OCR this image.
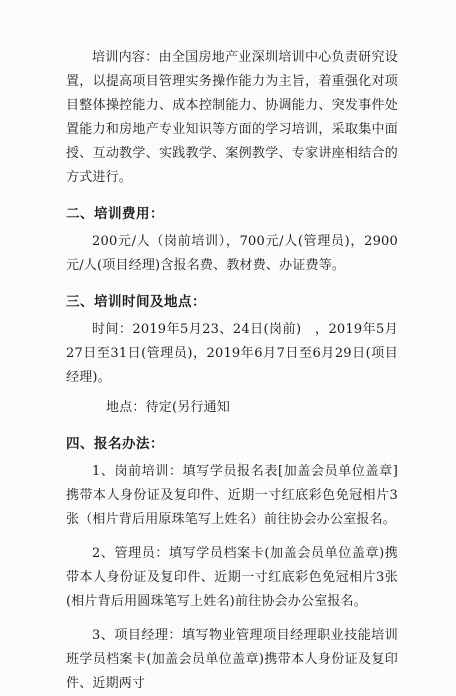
培训内容：由全国房地产业深圳培训中心负责研究设置，以提高项目管理实务操作能力为主旨，着重强化对项目整体操控能力、成本控制能力、协调能力、突发事件处置能力和房地产专业知识等方面的学习培训，采取集中面授、互动教学、实践教学、案例教学、专家讲座相结合的方式进行。

二、培训费用：

200元/人（岗前培训），700元/人(管理员)，2900元/人(项目经理)含报名费、教材费、办证费等。

三、培训时间及地点：

时间：2019年5月23、24日(岗前)　，2019年5月27日至31日(管理员)，2019年6月7日至6月29日(项目经理)。

地点：待定(另行通知

四、报名办法：

1、岗前培训：填写学员报名表[加盖会员单位盖章]携带本人身份证及复印件、近期一寸红底彩色免冠相片3张（相片背后用原珠笔写上姓名）前往协会办公室报名。

2、管理员：填写学员档案卡(加盖会员单位盖章)携带本人身份证及复印件、近期一寸红底彩色免冠相片3张(相片背后用圆珠笔写上姓名)前往协会办公室报名。

3、项目经理：填写物业管理项目经理职业技能培训班学员档案卡(加盖会员单位盖章)携带本人身份证及复印件、近期两寸
